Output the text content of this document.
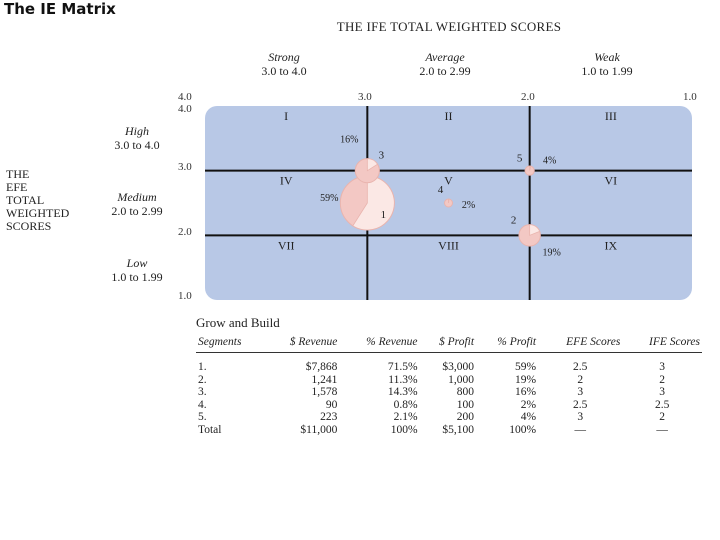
The IE Matrix
THE IFE TOTAL WEIGHTED SCORES
Strong
3.0 to 4.0
Average
2.0 to 2.99
Weak
1.0 to 1.99
4.0	3.0	2.0	1.0
4.0
3.0
2.0
1.0
High
3.0 to 4.0
Medium
2.0 to 2.99
Low
1.0 to 1.99
THE
EFE
TOTAL
WEIGHTED
SCORES
I	II	III
IV	V	VI
VII	VIII	IX
1
59%
2
19%
3
16%
4
2%
5 4%
Grow and Build
Segments	$ Revenue	% Revenue	$ Profit	% Profit	EFE Scores	IFE Scores

1.	$7,868	71.5%	$3,000	59%	2.5	3
2.	1,241	11.3%	1,000	19%	2	2
3.	1,578	14.3%	800	16%	3	3
4.	90	0.8%	100	2%	2.5	2.5
5.	223	2.1%	200	4%	3	2
Total	$11,000	100%	$5,100	100%	—	—
